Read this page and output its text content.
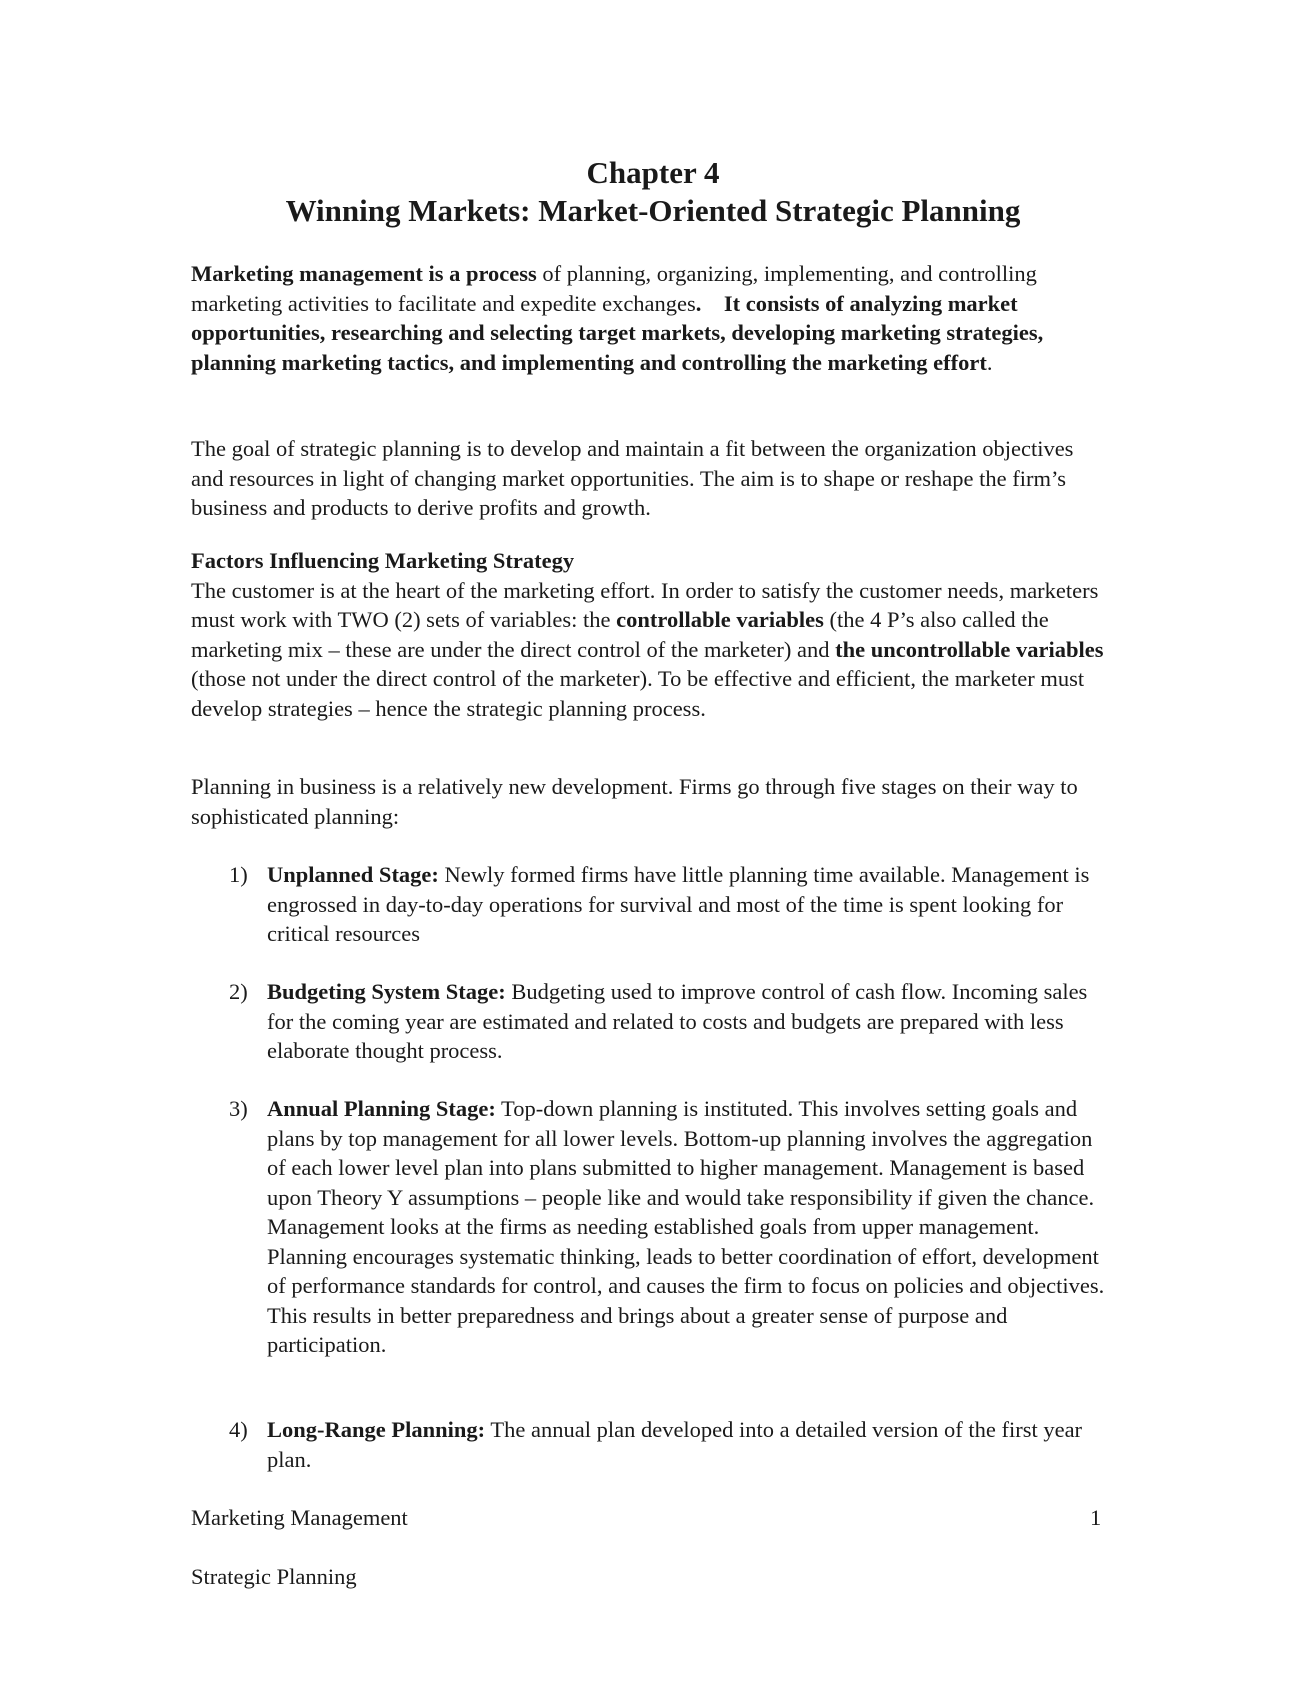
Chapter 4
Winning Markets: Market-Oriented Strategic Planning

Marketing management is a process of planning, organizing, implementing, and controlling marketing activities to facilitate and expedite exchanges. It consists of analyzing market opportunities, researching and selecting target markets, developing marketing strategies, planning marketing tactics, and implementing and controlling the marketing effort.

The goal of strategic planning is to develop and maintain a fit between the organization objectives and resources in light of changing market opportunities. The aim is to shape or reshape the firm’s business and products to derive profits and growth.

Factors Influencing Marketing Strategy

The customer is at the heart of the marketing effort. In order to satisfy the customer needs, marketers must work with TWO (2) sets of variables: the controllable variables (the 4 P’s also called the marketing mix – these are under the direct control of the marketer) and the uncontrollable variables (those not under the direct control of the marketer). To be effective and efficient, the marketer must develop strategies – hence the strategic planning process.

Planning in business is a relatively new development. Firms go through five stages on their way to sophisticated planning:

1) Unplanned Stage: Newly formed firms have little planning time available. Management is engrossed in day-to-day operations for survival and most of the time is spent looking for critical resources
2) Budgeting System Stage: Budgeting used to improve control of cash flow. Incoming sales for the coming year are estimated and related to costs and budgets are prepared with less elaborate thought process.
3) Annual Planning Stage: Top-down planning is instituted. This involves setting goals and plans by top management for all lower levels. Bottom-up planning involves the aggregation of each lower level plan into plans submitted to higher management. Management is based upon Theory Y assumptions – people like and would take responsibility if given the chance. Management looks at the firms as needing established goals from upper management. Planning encourages systematic thinking, leads to better coordination of effort, development of performance standards for control, and causes the firm to focus on policies and objectives. This results in better preparedness and brings about a greater sense of purpose and participation.
4) Long-Range Planning: The annual plan developed into a detailed version of the first year plan.
Marketing Management	1
Strategic Planning
